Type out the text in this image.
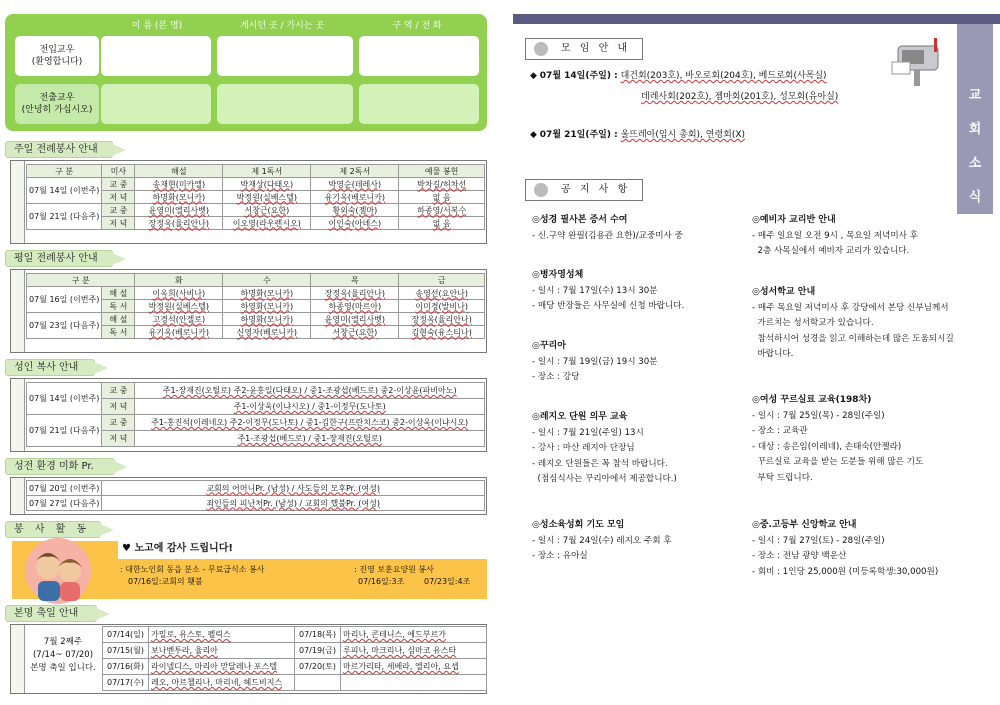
이 름 (본 명)	계시던 곳 / 가시는 곳	구 역 / 전 화
전입교우
(환영합니다)
전출교우
(안녕히 가십시오)
주일 전례봉사 안내
구 분	미사	해설	제 1독서	제 2독서	예물 봉헌
07월 14일 (이번주)	교 중	송재현(미카엘)	박재상(다태오)	박영순(데레사)	박차길/허차선
	저 녁	하명화(모니카)	박정원(실베스텔)	유기옥(베로니카)	없 음
07월 21일 (다음주)	교 중	윤영미(엘리사벳)	서창근(요한)	황외숙(젬마)	하종영/서복수
	저 녁	장정옥(율리안나)	이오영(라우렌시오)	이인숙(아녜스)	없 음
평일 전례봉사 안내
구 분		화	수	목	금
07월 16일 (이번주)	해 설	이옥희(사비나)	하명화(모니카)	장정옥(율리안나)	송영선(요안나)
	독 서	박정원(실베스텔)	하영화(모니카)	하종영(마르아)	이미경(발비나)
07월 23일 (다음주)	해 설	고경석(안젤로)	하명화(모니카)	윤영미(엘리사벳)	장정옥(율리안나)
	독 서	유기옥(베로니카)	신영자(베로니카)	서창근(요한)	김현숙(유스티나)
성인 복사 안내
07월 14일 (이번주)	교 중	주1-장재진(오틸로) 주2-윤홍일(다태오) / 중1-조광섭(베드로) 중2-이상윤(파비아노)
	저 녁	주1-이상욱(이냐시오) / 중1-이정무(도나토)
07월 21일 (다음주)	교 중	주1-홍진석(이레네오) 주2-이정무(도나토) / 중1-김한구(프란치스코) 중2-이상욱(이냐시오)
	저 녁	주1-조광섭(베드로) / 중1-장재진(오틸로)
성전 환경 미화 Pr.
07월 20일 (이번주)	교회의 어머니Pr. (남성) / 사도들의 모후Pr. (여성)
07월 27일 (다음주)	죄인들의 피난처Pr. (남성) / 교회의 했불Pr. (여성)
봉 사 활 동
♥ 노고에 감사 드립니다!
: 대한노인회 동읍 분소 - 무료급식소 봉사
07/16일:교회의 횃불
: 진영 보훈요양원 봉사
07/16일:3조 07/23일:4조
본명 축일 안내
7월 2째주
(7/14~ 07/20)
본명 축일 입니다.
07/14(일)	가밀로, 유스토, 펠릭스	07/18(목)	마리나, 콘테니스, 에드부르가
07/15(월)	보나벤투라, 율리아	07/19(금)	루피나, 마크리나, 심마코 유스타
07/16(화)	라이넬디스, 마리아 맏달레나 포스텔	07/20(토)	마르가리타, 세베라, 엘리아, 요셉
07/17(수)	레오, 마르첼리나, 마리네, 헤드비지스		
교
회
소
식
모 임 안 내
◆ 07월 14일(주일) : 대건회(203호), 바오로회(204호), 베드로회(사목실)
데레사회(202호), 젬마회(201호), 성모회(유아실)
◆ 07월 21일(주일) : 울뜨레아(임시 총회), 연령회(X)
공 지 사 항
◎성경 필사본 증서 수여
- 신.구약 완필(김용관 요한)/교중미사 중
◎병자영성체
- 일시 : 7월 17일(수) 13시 30분
- 매당 반장들은 사무실에 신청 바랍니다.
◎꾸리아
- 일시 : 7월 19일(금) 19시 30분
- 장소 : 강당
◎레지오 단원 의무 교육
- 일시 : 7월 21일(주일) 13시
- 강사 : 마산 레지아 단장님
- 레지오 단원들은 꼭 참석 바랍니다.
(점심식사는 꾸리아에서 제공합니다.)
◎성소육성회 기도 모임
- 일시 : 7월 24일(수) 레지오 주회 후
- 장소 : 유아실
◎예비자 교리반 안내
- 매주 일요일 오전 9시 , 목요일 저녁미사 후
2층 사목실에서 예비자 교리가 있습니다.
◎성서학교 안내
- 매주 목요일 저녁미사 후 강당에서 본당 신부님께서
가르치는 성서학교가 있습니다.
참석하시어 성경을 읽고 이해하는데 많은 도움되시길
바랍니다.
◎여성 꾸르실료 교육(198차)
- 일시 : 7월 25일(목) - 28일(주일)
- 장소 : 교육관
- 대상 : 송은임(이레네), 손태숙(안젤라)
꾸르실료 교육을 받는 도분들 위해 많은 기도
부탁 드립니다.
◎중.고등부 신앙학교 안내
- 일시 : 7월 27일(토) - 28일(주일)
- 장소 : 전남 광양 백운산
- 회비 : 1인당 25,000원 (미등록학생:30,000원)
